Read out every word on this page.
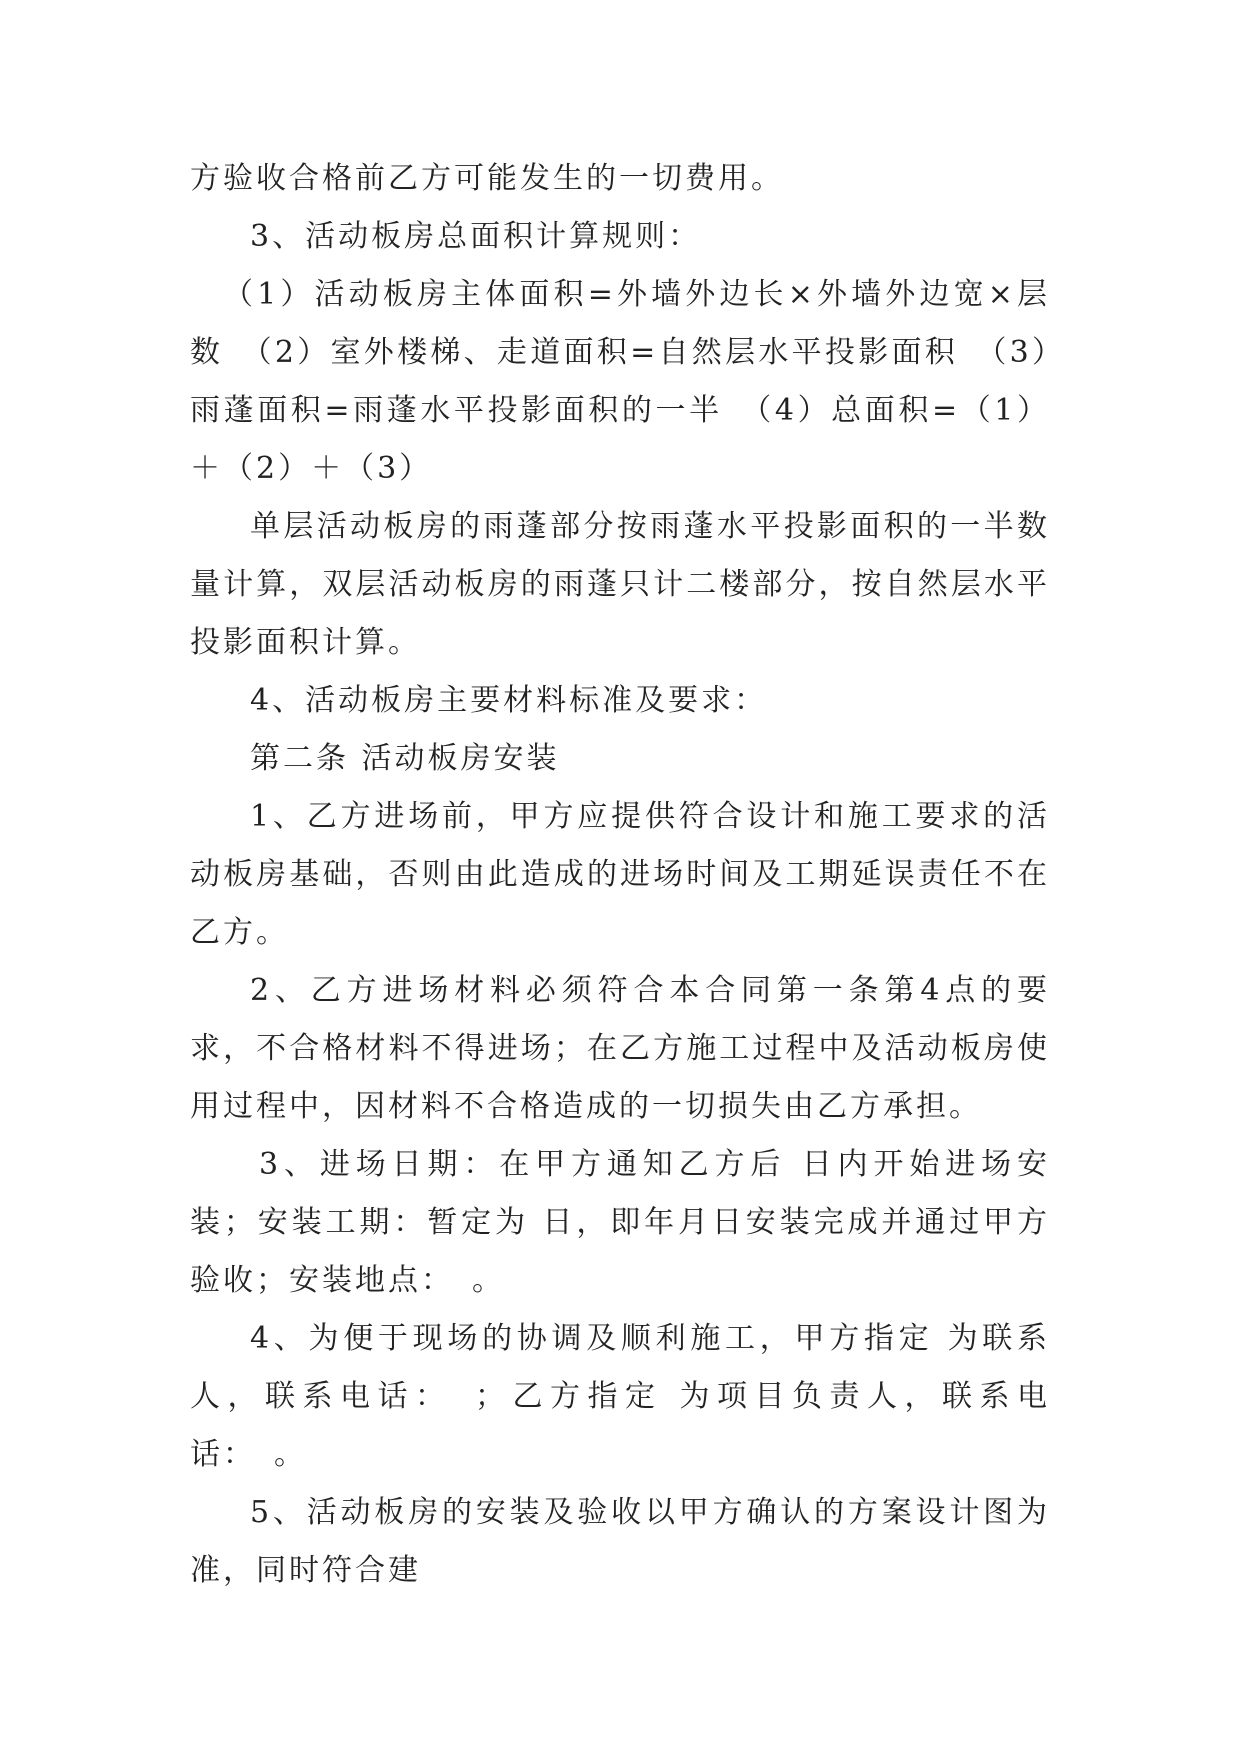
方验收合格前乙方可能发生的一切费用。

3、活动板房总面积计算规则：

（1）活动板房主体面积=外墙外边长×外墙外边宽×层数　（2）室外楼梯、走道面积=自然层水平投影面积　（3）雨蓬面积=雨蓬水平投影面积的一半　（4）总面积=（1）＋（2）＋（3）

单层活动板房的雨蓬部分按雨蓬水平投影面积的一半数量计算，双层活动板房的雨蓬只计二楼部分，按自然层水平投影面积计算。

4、活动板房主要材料标准及要求：

第二条 活动板房安装

1、乙方进场前，甲方应提供符合设计和施工要求的活动板房基础，否则由此造成的进场时间及工期延误责任不在乙方。

2、乙方进场材料必须符合本合同第一条第4点的要求，不合格材料不得进场；在乙方施工过程中及活动板房使用过程中，因材料不合格造成的一切损失由乙方承担。

3、进场日期：在甲方通知乙方后 日内开始进场安装；安装工期：暂定为 日，即年月日安装完成并通过甲方验收；安装地点：　。

4、为便于现场的协调及顺利施工，甲方指定 为联系人，联系电话：　；乙方指定 为项目负责人，联系电话：　。

5、活动板房的安装及验收以甲方确认的方案设计图为准，同时符合建
